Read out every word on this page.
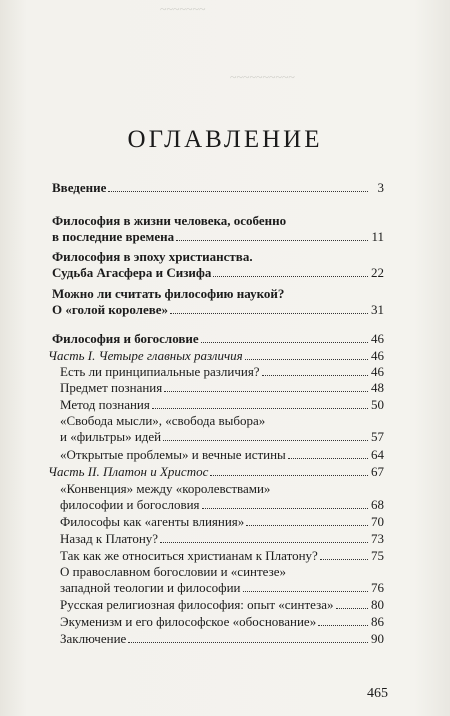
~~~~~~~
~~~~~~~~~~
ОГЛАВЛЕНИЕ
Введение	3
Философия в жизни человека, особенно
в последние времена	11
Философия в эпоху христианства.
Судьба Агасфера и Сизифа	22
Можно ли считать философию наукой?
О «голой королеве»	31
Философия и богословие	46
Часть I. Четыре главных различия	46
Есть ли принципиальные различия?	46
Предмет познания	48
Метод познания	50
«Свобода мысли», «свобода выбора»
и «фильтры» идей	57
«Открытые проблемы» и вечные истины	64
Часть II. Платон и Христос	67
«Конвенция» между «королевствами»
философии и богословия	68
Философы как «агенты влияния»	70
Назад к Платону?	73
Так как же относиться христианам к Платону?	75
О православном богословии и «синтезе»
западной теологии и философии	76
Русская религиозная философия: опыт «синтеза»	80
Экуменизм и его философское «обоснование»	86
Заключение	90
465
